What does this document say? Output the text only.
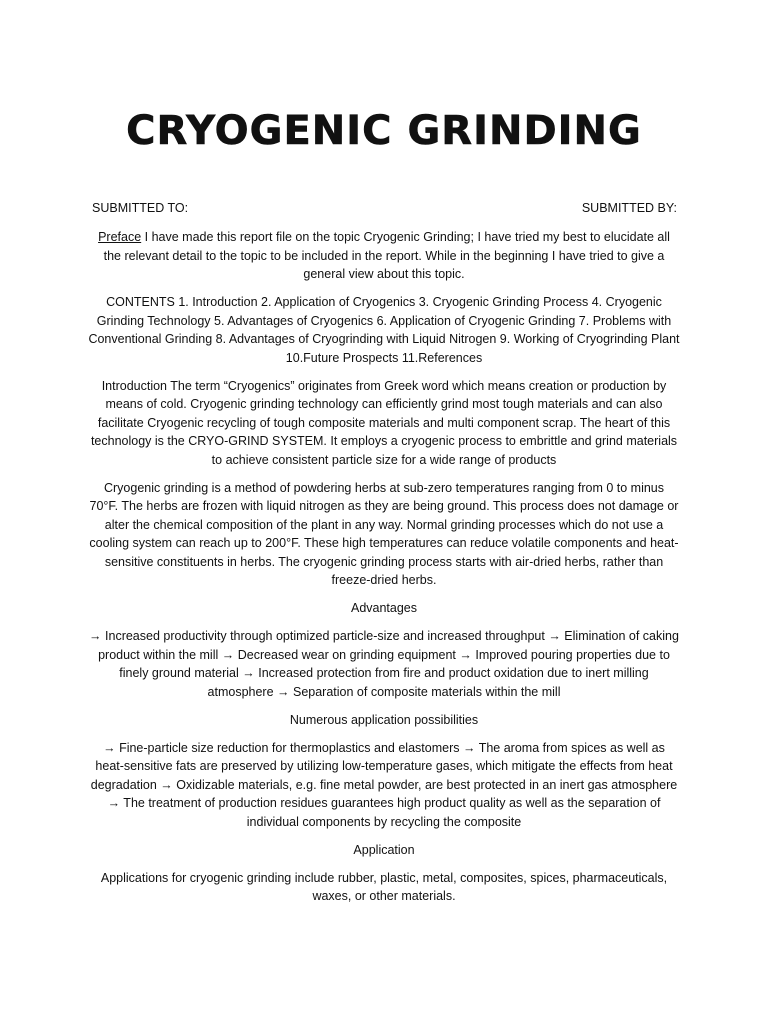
CRYOGENIC GRINDING
SUBMITTED TO:	SUBMITTED BY:

Preface I have made this report file on the topic Cryogenic Grinding; I have tried my best to elucidate all the relevant detail to the topic to be included in the report. While in the beginning I have tried to give a general view about this topic.

CONTENTS 1. Introduction 2. Application of Cryogenics 3. Cryogenic Grinding Process 4. Cryogenic Grinding Technology 5. Advantages of Cryogenics 6. Application of Cryogenic Grinding 7. Problems with Conventional Grinding 8. Advantages of Cryogrinding with Liquid Nitrogen 9. Working of Cryogrinding Plant 10.Future Prospects 11.References

Introduction The term “Cryogenics” originates from Greek word which means creation or production by means of cold. Cryogenic grinding technology can efficiently grind most tough materials and can also facilitate Cryogenic recycling of tough composite materials and multi component scrap. The heart of this technology is the CRYO-GRIND SYSTEM. It employs a cryogenic process to embrittle and grind materials to achieve consistent particle size for a wide range of products

Cryogenic grinding is a method of powdering herbs at sub-zero temperatures ranging from 0 to minus 70°F. The herbs are frozen with liquid nitrogen as they are being ground. This process does not damage or alter the chemical composition of the plant in any way. Normal grinding processes which do not use a cooling system can reach up to 200°F. These high temperatures can reduce volatile components and heat-sensitive constituents in herbs. The cryogenic grinding process starts with air-dried herbs, rather than freeze-dried herbs.

Advantages

→ Increased productivity through optimized particle-size and increased throughput → Elimination of caking product within the mill → Decreased wear on grinding equipment → Improved pouring properties due to finely ground material → Increased protection from fire and product oxidation due to inert milling atmosphere → Separation of composite materials within the mill

Numerous application possibilities

→ Fine-particle size reduction for thermoplastics and elastomers → The aroma from spices as well as heat-sensitive fats are preserved by utilizing low-temperature gases, which mitigate the effects from heat degradation → Oxidizable materials, e.g. fine metal powder, are best protected in an inert gas atmosphere → The treatment of production residues guarantees high product quality as well as the separation of individual components by recycling the composite

Application

Applications for cryogenic grinding include rubber, plastic, metal, composites, spices, pharmaceuticals, waxes, or other materials.
